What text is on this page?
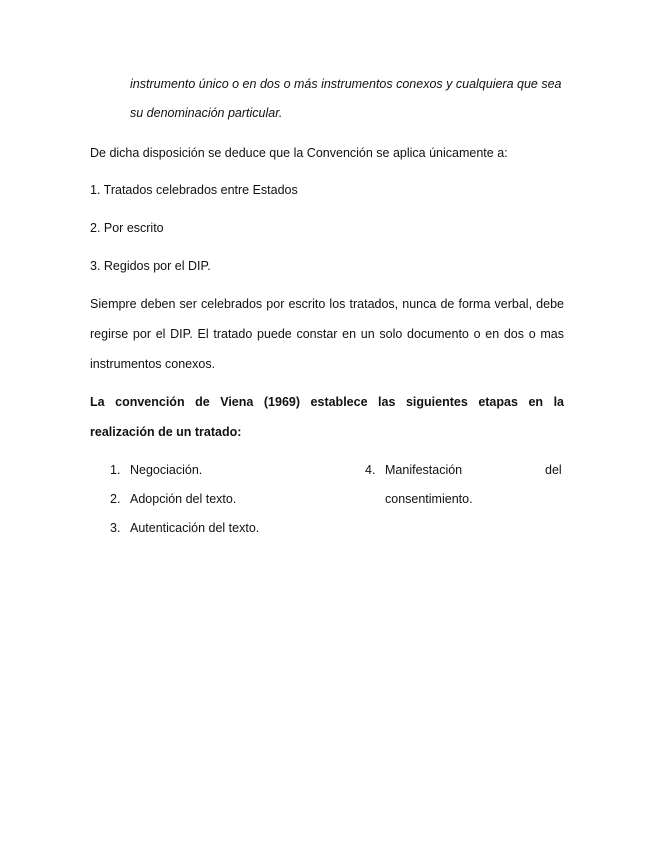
instrumento único o en dos o más instrumentos conexos y cualquiera que sea
su denominación particular.
De dicha disposición se deduce que la Convención se aplica únicamente a:
1. Tratados celebrados entre Estados
2. Por escrito
3. Regidos por el DIP.
Siempre deben ser celebrados por escrito los tratados, nunca de forma verbal, debe
regirse por el DIP. El tratado puede constar en un solo documento o en dos o mas
instrumentos conexos.
La convención de Viena (1969) establece las siguientes etapas en la
realización de un tratado:
1. Negociación.
2. Adopción del texto.
3. Autenticación del texto.
4. Manifestación	del
consentimiento.
